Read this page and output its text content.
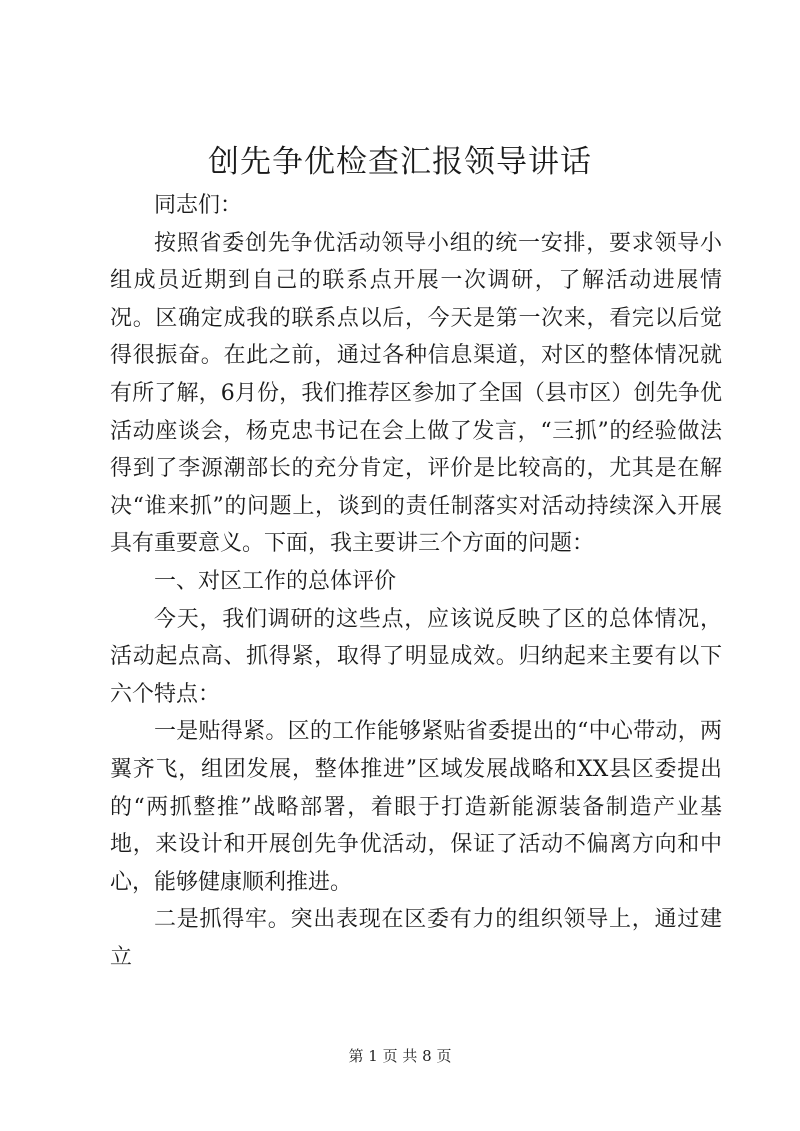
创先争优检查汇报领导讲话

同志们：

按照省委创先争优活动领导小组的统一安排，要求领导小组成员近期到自己的联系点开展一次调研，了解活动进展情况。区确定成我的联系点以后，今天是第一次来，看完以后觉得很振奋。在此之前，通过各种信息渠道，对区的整体情况就有所了解，6月份，我们推荐区参加了全国（县市区）创先争优活动座谈会，杨克忠书记在会上做了发言，“三抓”的经验做法得到了李源潮部长的充分肯定，评价是比较高的，尤其是在解决“谁来抓”的问题上，谈到的责任制落实对活动持续深入开展具有重要意义。下面，我主要讲三个方面的问题：

一、对区工作的总体评价

今天，我们调研的这些点，应该说反映了区的总体情况，活动起点高、抓得紧，取得了明显成效。归纳起来主要有以下六个特点：

一是贴得紧。区的工作能够紧贴省委提出的“中心带动，两翼齐飞，组团发展，整体推进”区域发展战略和XX县区委提出的“两抓整推”战略部署，着眼于打造新能源装备制造产业基地，来设计和开展创先争优活动，保证了活动不偏离方向和中心，能够健康顺利推进。

二是抓得牢。突出表现在区委有力的组织领导上，通过建立

第 1 页 共 8 页
